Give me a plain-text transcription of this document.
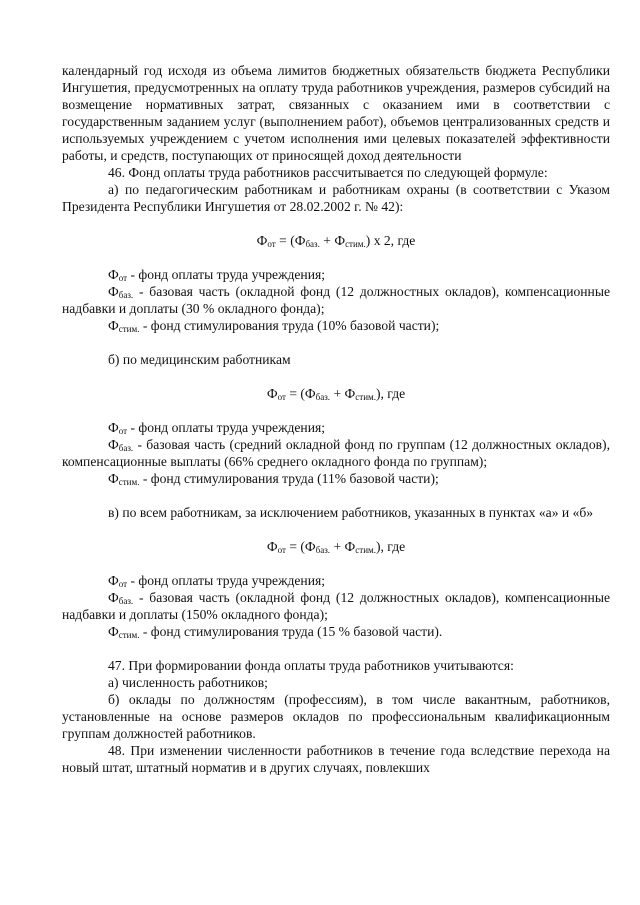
календарный год исходя из объема лимитов бюджетных обязательств бюджета Республики Ингушетия, предусмотренных на оплату труда работников учреждения, размеров субсидий на возмещение нормативных затрат, связанных с оказанием ими в соответствии с государственным заданием услуг (выполнением работ), объемов централизованных средств и используемых учреждением с учетом исполнения ими целевых показателей эффективности работы, и средств, поступающих от приносящей доход деятельности

46. Фонд оплаты труда работников рассчитывается по следующей формуле:

а) по педагогическим работникам и работникам охраны (в соответствии с Указом Президента Республики Ингушетия от 28.02.2002 г. № 42):

$Ф_{от} = (Ф_{баз.} + Ф_{стим.})$ х 2, где

$Ф_{от}$ - фонд оплаты труда учреждения;

$Ф_{баз.}$ - базовая часть (окладной фонд (12 должностных окладов), компенсационные надбавки и доплаты (30 % окладного фонда);

$Ф_{стим.}$ - фонд стимулирования труда (10% базовой части);

б) по медицинским работникам

$Ф_{от} = (Ф_{баз.} + Ф_{стим.})$, где

$Ф_{от}$ - фонд оплаты труда учреждения;

$Ф_{баз.}$ - базовая часть (средний окладной фонд по группам (12 должностных окладов), компенсационные выплаты (66% среднего окладного фонда по группам);

$Ф_{стим.}$ - фонд стимулирования труда (11% базовой части);

в) по всем работникам, за исключением работников, указанных в пунктах «а» и «б»

$Ф_{от} = (Ф_{баз.} + Ф_{стим.})$, где

$Ф_{от}$ - фонд оплаты труда учреждения;

$Ф_{баз.}$ - базовая часть (окладной фонд (12 должностных окладов), компенсационные надбавки и доплаты (150% окладного фонда);

$Ф_{стим.}$ - фонд стимулирования труда (15 % базовой части).

47. При формировании фонда оплаты труда работников учитываются:

а) численность работников;

б) оклады по должностям (профессиям), в том числе вакантным, работников, установленные на основе размеров окладов по профессиональным квалификационным группам должностей работников.

48. При изменении численности работников в течение года вследствие перехода на новый штат, штатный норматив и в других случаях, повлекших
